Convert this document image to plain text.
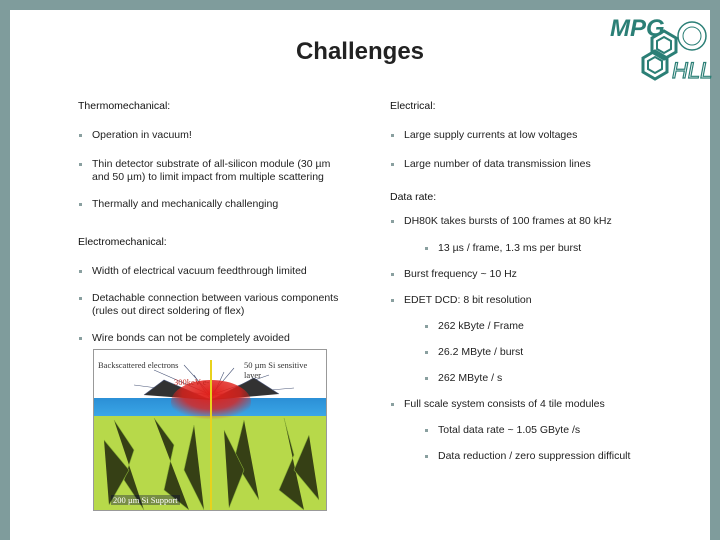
Challenges
MPG
HLL
Thermomechanical:
Operation in vacuum!
Thin detector substrate of all-silicon module (30 µm and 50 µm) to limit impact from multiple scattering
Thermally and mechanically challenging
Electromechanical:
Width of electrical vacuum feedthrough limited
Detachable connection between various components (rules out direct soldering of flex)
Wire bonds can not be completely avoided
Backscattered electrons	50 µm Si sensitive layer
300keV e-
200 µm Si Support
Electrical:
Large supply currents at low voltages
Large number of data transmission lines
Data rate:
DH80K takes bursts of 100 frames at 80 kHz
13 µs / frame, 1.3 ms per burst
Burst frequency ~ 10 Hz
EDET DCD: 8 bit resolution
262 kByte / Frame
26.2 MByte / burst
262 MByte / s
Full scale system consists of 4 tile modules
Total data rate ~ 1.05 GByte /s
Data reduction / zero suppression difficult
Johannes Treis / Halbleiterlabor der MPG
